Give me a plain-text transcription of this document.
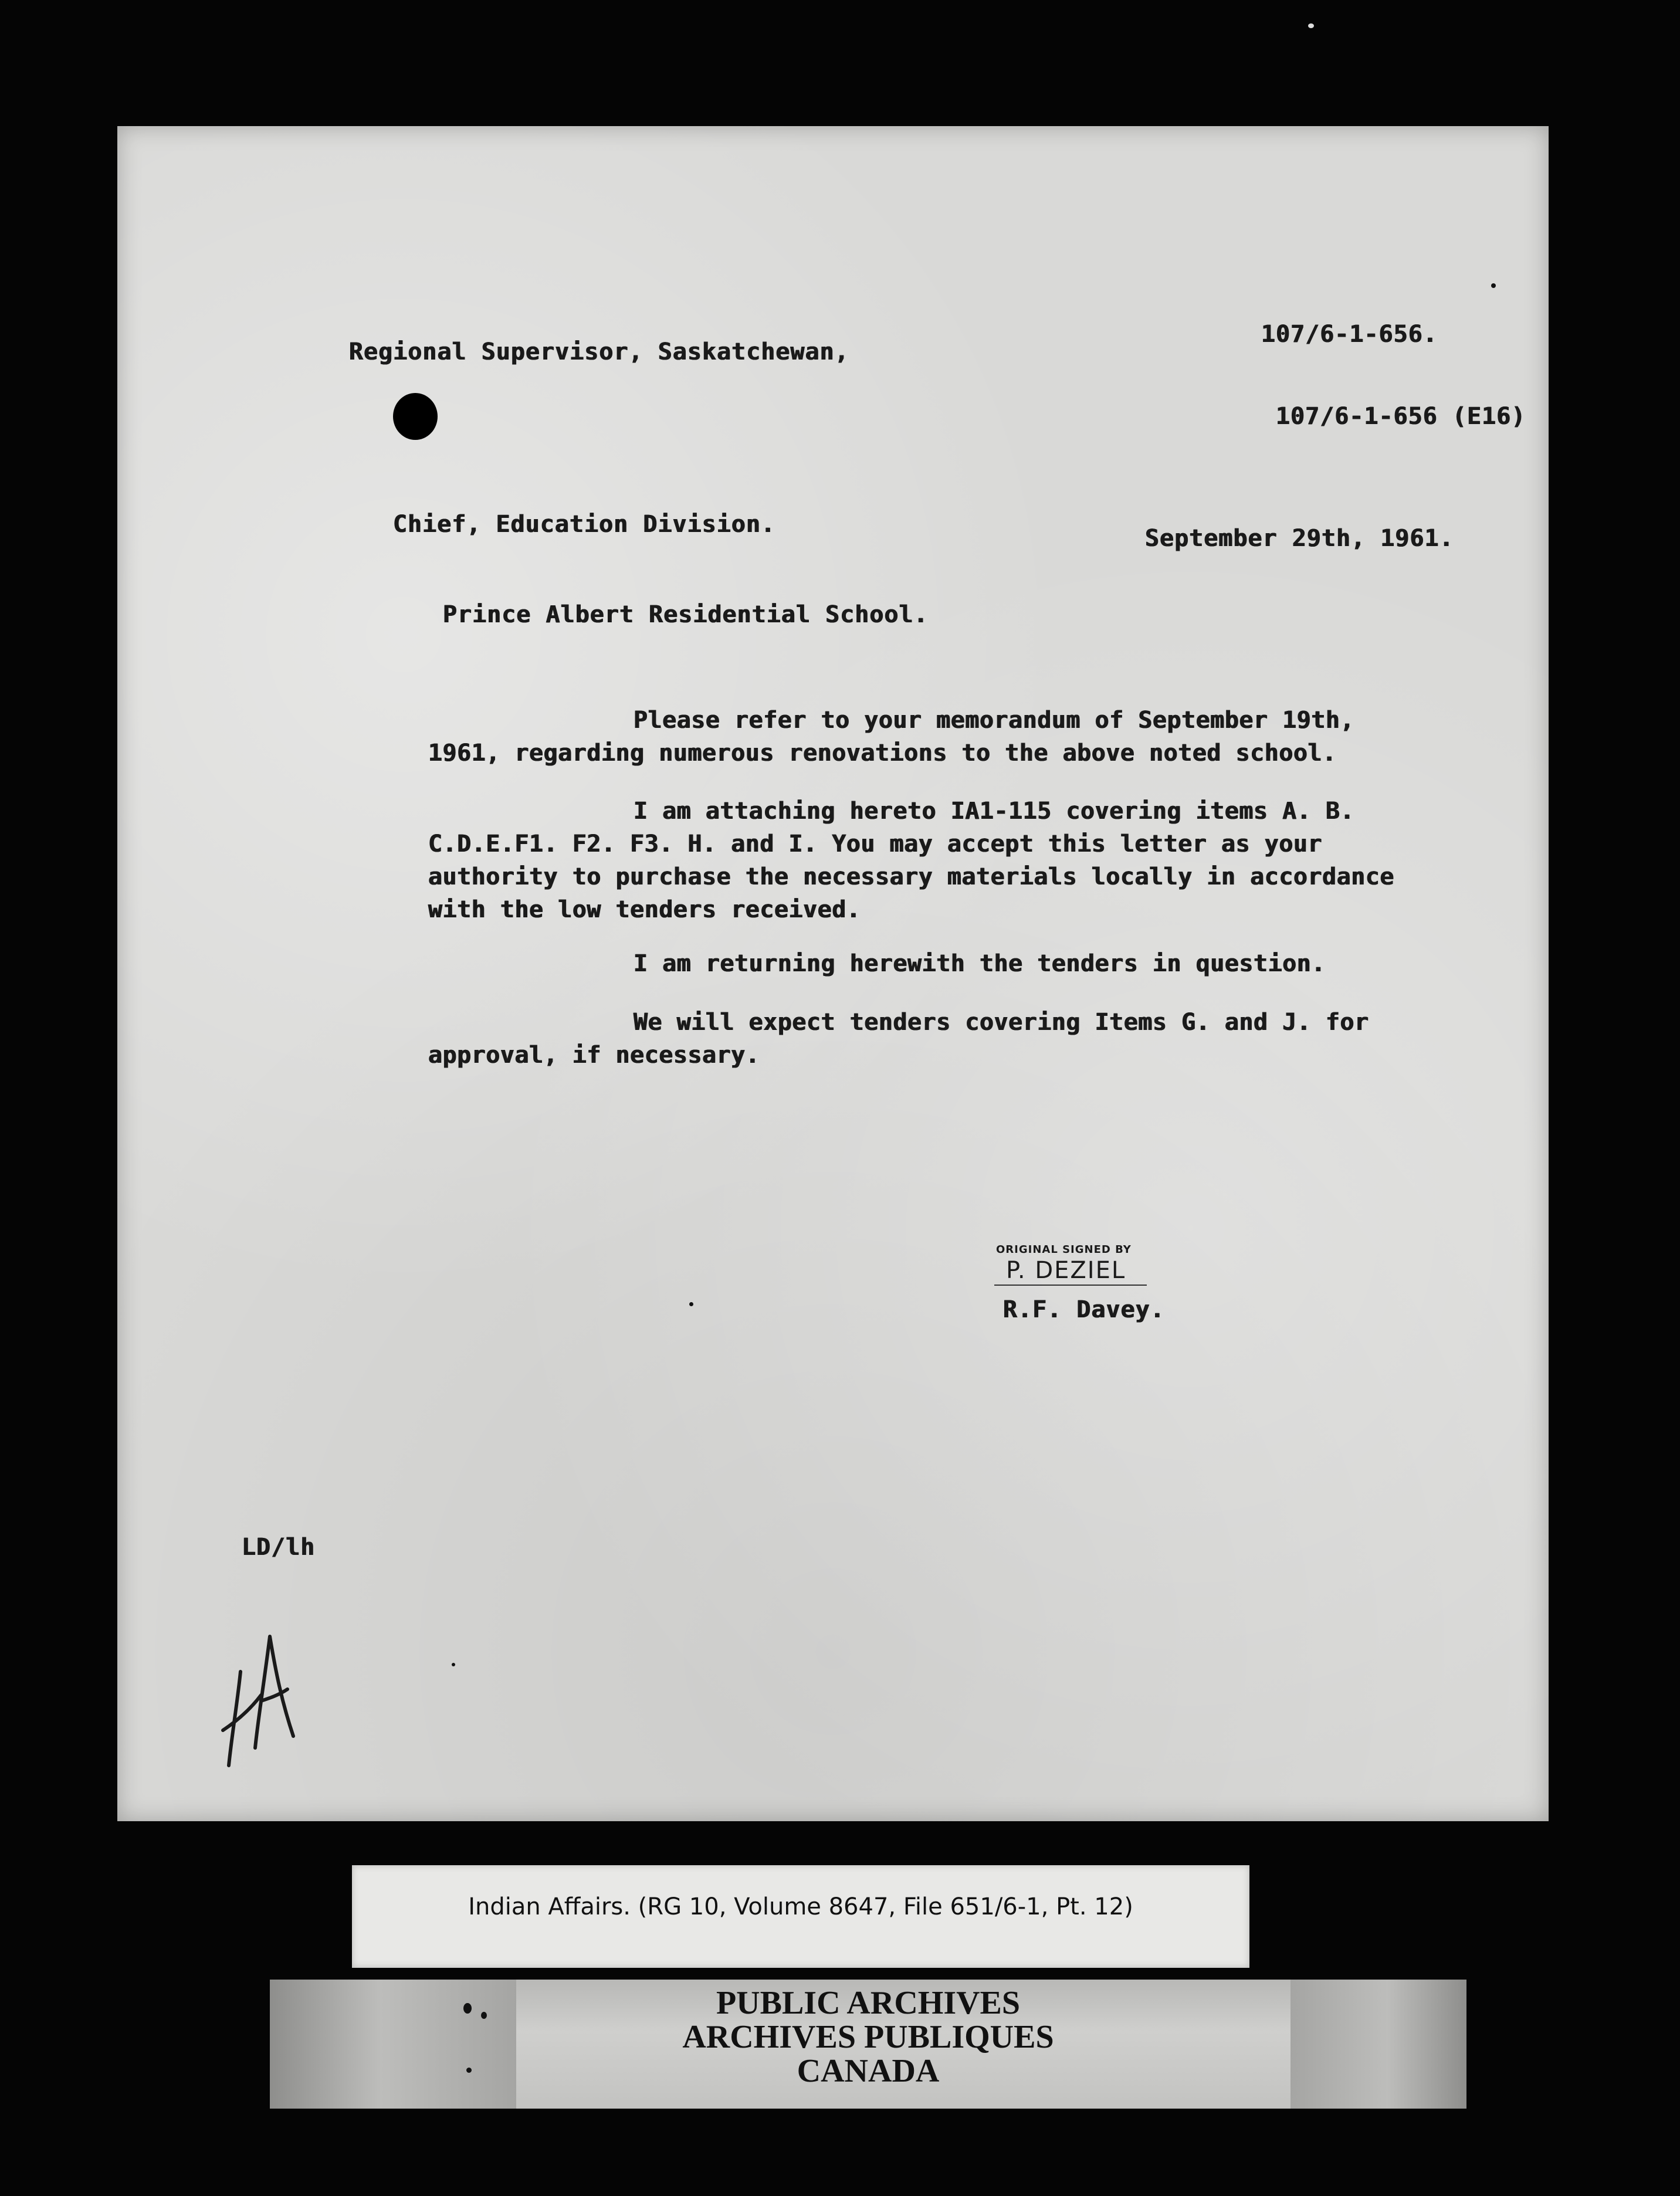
Regional Supervisor, Saskatchewan,
107/6-1-656.
107/6-1-656 (E16)
Chief, Education Division.
September 29th, 1961.
Prince Albert Residential School.
Please refer to your memorandum of September 19th,
1961, regarding numerous renovations to the above noted school.
I am attaching hereto IA1-115 covering items A. B.
C.D.E.F1. F2. F3. H. and I. You may accept this letter as your
authority to purchase the necessary materials locally in accordance
with the low tenders received.
I am returning herewith the tenders in question.
We will expect tenders covering Items G. and J. for
approval, if necessary.
ORIGINAL SIGNED BY
P. DEZIEL
R.F. Davey.
LD/lh
Indian Affairs. (RG 10, Volume 8647, File 651/6-1, Pt. 12)
PUBLIC ARCHIVES
ARCHIVES PUBLIQUES
CANADA
